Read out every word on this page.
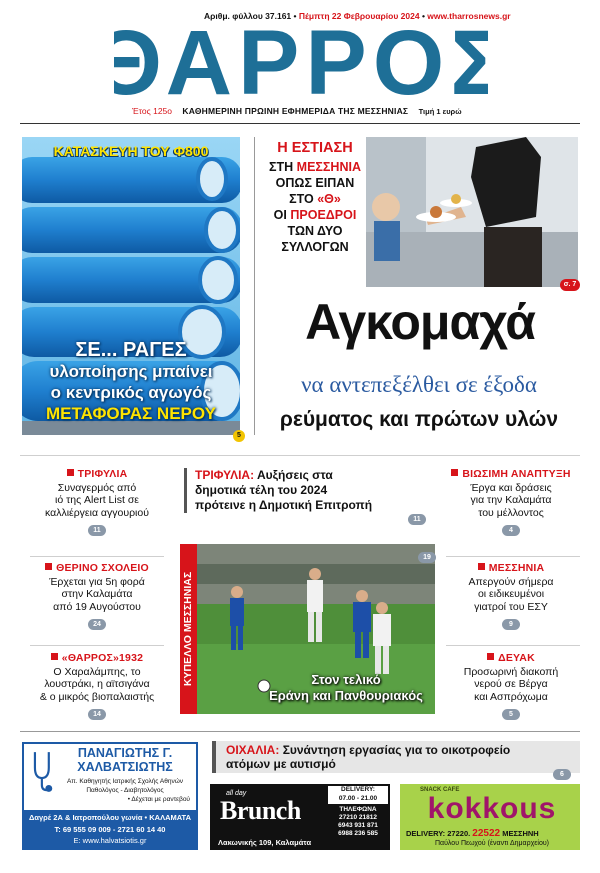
Αριθμ. φύλλου 37.161 • Πέμπτη 22 Φεβρουαρίου 2024 • www.tharrosnews.gr
ΘΑΡΡΟΣ
Έτος 125ο ΚΑΘΗΜΕΡΙΝΗ ΠΡΩΙΝΗ ΕΦΗΜΕΡΙΔΑ ΤΗΣ ΜΕΣΣΗΝΙΑΣ Τιμή 1 ευρώ
ΚΑΤΑΣΚΕΥΗ ΤΟΥ Φ800
ΣΕ... ΡΑΓΕΣ
υλοποίησης μπαίνει
ο κεντρικός αγωγός
ΜΕΤΑΦΟΡΑΣ ΝΕΡΟΥ
5
Η ΕΣΤΙΑΣΗ
ΣΤΗ ΜΕΣΣΗΝΙΑ
ΟΠΩΣ ΕΙΠΑΝ
ΣΤΟ «Θ»
ΟΙ ΠΡΟΕΔΡΟΙ
ΤΩΝ ΔΥΟ
ΣΥΛΛΟΓΩΝ
σ. 7
Αγκομαχά
να αντεπεξέλθει σε έξοδα
ρεύματος και πρώτων υλών
ΤΡΙΦΥΛΙΑ
Συναγερμός από
ιό της Alert List σε
καλλιέργεια αγγουριού
11
ΘΕΡΙΝΟ ΣΧΟΛΕΙΟ
Έρχεται για 5η φορά
στην Καλαμάτα
από 19 Αυγούστου
24
«ΘΑΡΡΟΣ»1932
Ο Χαραλάμπης, το
λουστράκι, η αϊτσιγάνα
& ο μικρός βιοπαλαιστής
14
ΒΙΩΣΙΜΗ ΑΝΑΠΤΥΞΗ
Έργα και δράσεις
για την Καλαμάτα
του μέλλοντος
4
ΜΕΣΣΗΝΙΑ
Απεργούν σήμερα
οι ειδικευμένοι
γιατροί του ΕΣΥ
9
ΔΕΥΑΚ
Προσωρινή διακοπή
νερού σε Βέργα
και Ασπρόχωμα
5
ΤΡΙΦΥΛΙΑ: Αυξήσεις στα
δημοτικά τέλη του 2024
πρότεινε η Δημοτική Επιτροπή
11
ΚΥΠΕΛΛΟ ΜΕΣΣΗΝΙΑΣ	Στον τελικό
Εράνη και Πανθουριακός
19
ΠΑΝΑΓΙΩΤΗΣ Γ.
ΧΑΛΒΑΤΣΙΩΤΗΣ
Απ. Καθηγητής Ιατρικής Σχολής Αθηνών
Παθολόγος - Διαβητολόγος
• Δέχεται με ραντεβού
Δαγρέ 2Α & Ιατροπούλου γωνία • ΚΑΛΑΜΑΤΑ
Τ: 69 555 09 009 - 2721 60 14 40
E: www.halvatsiotis.gr
ΟΙΧΑΛΙΑ: Συνάντηση εργασίας για το οικοτροφείο
ατόμων με αυτισμό
6
all day
Brunch
DELIVERY:
07.00 - 21.00
ΤΗΛΕΦΩΝΑ
27210 21812
6943 931 871
6988 236 585
Λακωνικής 109, Καλαμάτα
SNACK CAFE
kokkous
DELIVERY: 27220. 22522 ΜΕΣΣΗΝΗ
Παύλου Πεωχού (έναντι Δημαρχείου)
